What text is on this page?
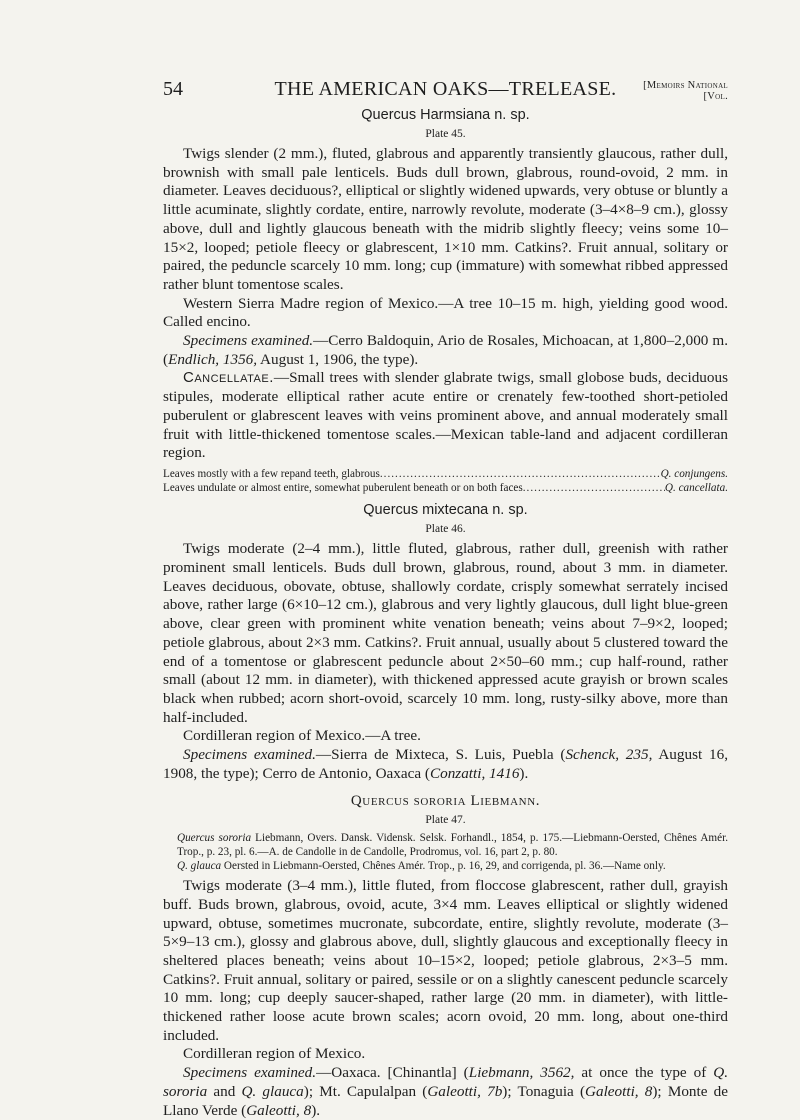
54	THE AMERICAN OAKS—TRELEASE.	[Memoirs National
[Vol.
Quercus Harmsiana n. sp.
Plate 45.

Twigs slender (2 mm.), fluted, glabrous and apparently transiently glaucous, rather dull, brownish with small pale lenticels. Buds dull brown, glabrous, round-ovoid, 2 mm. in diameter. Leaves deciduous?, elliptical or slightly widened upwards, very obtuse or bluntly a little acuminate, slightly cordate, entire, narrowly revolute, moderate (3–4×8–9 cm.), glossy above, dull and lightly glaucous beneath with the midrib slightly fleecy; veins some 10–15×2, looped; petiole fleecy or glabrescent, 1×10 mm. Catkins?. Fruit annual, solitary or paired, the peduncle scarcely 10 mm. long; cup (immature) with somewhat ribbed appressed rather blunt tomentose scales.

Western Sierra Madre region of Mexico.—A tree 10–15 m. high, yielding good wood. Called encino.

Specimens examined.—Cerro Baldoquin, Ario de Rosales, Michoacan, at 1,800–2,000 m. (Endlich, 1356, August 1, 1906, the type).

Cancellatae.—Small trees with slender glabrate twigs, small globose buds, deciduous stipules, moderate elliptical rather acute entire or crenately few-toothed short-petioled puberulent or glabrescent leaves with veins prominent above, and annual moderately small fruit with little-thickened tomentose scales.—Mexican table-land and adjacent cordilleran region.

Leaves mostly with a few repand teeth, glabrous .....	Q. conjungens.
Leaves undulate or almost entire, somewhat puberulent beneath or on both faces .....	Q. cancellata.
Quercus mixtecana n. sp.
Plate 46.

Twigs moderate (2–4 mm.), little fluted, glabrous, rather dull, greenish with rather prominent small lenticels. Buds dull brown, glabrous, round, about 3 mm. in diameter. Leaves deciduous, obovate, obtuse, shallowly cordate, crisply somewhat serrately incised above, rather large (6×10–12 cm.), glabrous and very lightly glaucous, dull light blue-green above, clear green with prominent white venation beneath; veins about 7–9×2, looped; petiole glabrous, about 2×3 mm. Catkins?. Fruit annual, usually about 5 clustered toward the end of a tomentose or glabrescent peduncle about 2×50–60 mm.; cup half-round, rather small (about 12 mm. in diameter), with thickened appressed acute grayish or brown scales black when rubbed; acorn short-ovoid, scarcely 10 mm. long, rusty-silky above, more than half-included.

Cordilleran region of Mexico.—A tree.

Specimens examined.—Sierra de Mixteca, S. Luis, Puebla (Schenck, 235, August 16, 1908, the type); Cerro de Antonio, Oaxaca (Conzatti, 1416).

Quercus sororia Liebmann.
Plate 47.

Quercus sororia Liebmann, Overs. Dansk. Vidensk. Selsk. Forhandl., 1854, p. 175.—Liebmann-Oersted, Chênes Amér. Trop., p. 23, pl. 6.—A. de Candolle in de Candolle, Prodromus, vol. 16, part 2, p. 80.

Q. glauca Oersted in Liebmann-Oersted, Chênes Amér. Trop., p. 16, 29, and corrigenda, pl. 36.—Name only.

Twigs moderate (3–4 mm.), little fluted, from floccose glabrescent, rather dull, grayish buff. Buds brown, glabrous, ovoid, acute, 3×4 mm. Leaves elliptical or slightly widened upward, obtuse, sometimes mucronate, subcordate, entire, slightly revolute, moderate (3–5×9–13 cm.), glossy and glabrous above, dull, slightly glaucous and exceptionally fleecy in sheltered places beneath; veins about 10–15×2, looped; petiole glabrous, 2×3–5 mm. Catkins?. Fruit annual, solitary or paired, sessile or on a slightly canescent peduncle scarcely 10 mm. long; cup deeply saucer-shaped, rather large (20 mm. in diameter), with little-thickened rather loose acute brown scales; acorn ovoid, 20 mm. long, about one-third included.

Cordilleran region of Mexico.

Specimens examined.—Oaxaca. [Chinantla] (Liebmann, 3562, at once the type of Q. sororia and Q. glauca); Mt. Capulalpan (Galeotti, 7b); Tonaguia (Galeotti, 8); Monte de Llano Verde (Galeotti, 8).
